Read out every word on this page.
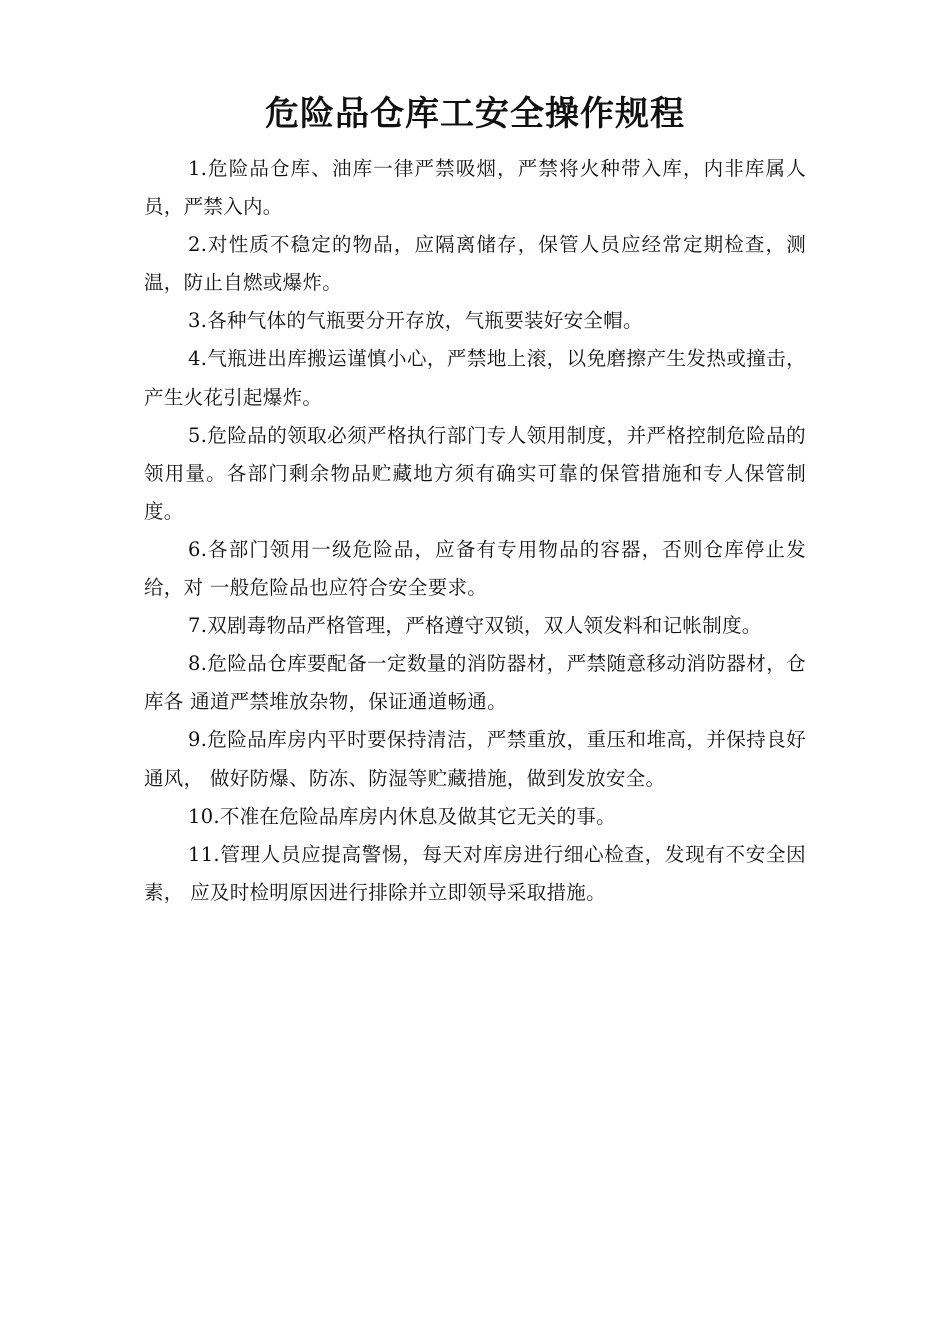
危险品仓库工安全操作规程

1.危险品仓库、油库一律严禁吸烟，严禁将火种带入库，内非库属人员，严禁入内。

2.对性质不稳定的物品，应隔离储存，保管人员应经常定期检查，测温，防止自燃或爆炸。

3.各种气体的气瓶要分开存放，气瓶要装好安全帽。

4.气瓶进出库搬运谨慎小心，严禁地上滚，以免磨擦产生发热或撞击，产生火花引起爆炸。

5.危险品的领取必须严格执行部门专人领用制度，并严格控制危险品的领用量。各部门剩余物品贮藏地方须有确实可靠的保管措施和专人保管制度。

6.各部门领用一级危险品，应备有专用物品的容器，否则仓库停止发给，对 一般危险品也应符合安全要求。

7.双剧毒物品严格管理，严格遵守双锁，双人领发料和记帐制度。

8.危险品仓库要配备一定数量的消防器材，严禁随意移动消防器材，仓库各 通道严禁堆放杂物，保证通道畅通。

9.危险品库房内平时要保持清洁，严禁重放，重压和堆高，并保持良好通风， 做好防爆、防冻、防湿等贮藏措施，做到发放安全。

10.不准在危险品库房内休息及做其它无关的事。

11.管理人员应提高警惕，每天对库房进行细心检查，发现有不安全因素， 应及时检明原因进行排除并立即领导采取措施。
